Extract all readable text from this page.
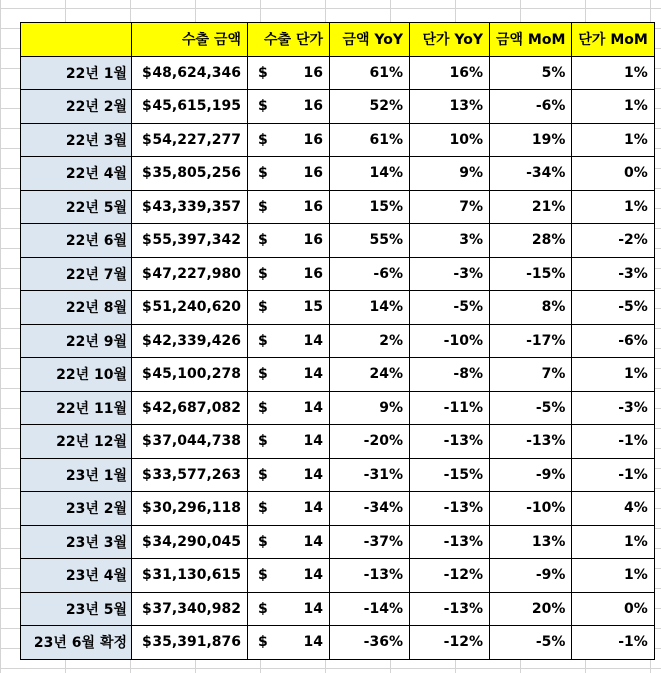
	수출 금액	수출 단가	금액 YoY	단가 YoY	금액 MoM	단가 MoM
22년 1월	$ 48,624,346	$ 16	61%	16%	5%	1%
22년 2월	$ 45,615,195	$ 16	52%	13%	-6%	1%
22년 3월	$ 54,227,277	$ 16	61%	10%	19%	1%
22년 4월	$ 35,805,256	$ 16	14%	9%	-34%	0%
22년 5월	$ 43,339,357	$ 16	15%	7%	21%	1%
22년 6월	$ 55,397,342	$ 16	55%	3%	28%	-2%
22년 7월	$ 47,227,980	$ 16	-6%	-3%	-15%	-3%
22년 8월	$ 51,240,620	$ 15	14%	-5%	8%	-5%
22년 9월	$ 42,339,426	$ 14	2%	-10%	-17%	-6%
22년 10월	$ 45,100,278	$ 14	24%	-8%	7%	1%
22년 11월	$ 42,687,082	$ 14	9%	-11%	-5%	-3%
22년 12월	$ 37,044,738	$ 14	-20%	-13%	-13%	-1%
23년 1월	$ 33,577,263	$ 14	-31%	-15%	-9%	-1%
23년 2월	$ 30,296,118	$ 14	-34%	-13%	-10%	4%
23년 3월	$ 34,290,045	$ 14	-37%	-13%	13%	1%
23년 4월	$ 31,130,615	$ 14	-13%	-12%	-9%	1%
23년 5월	$ 37,340,982	$ 14	-14%	-13%	20%	0%
23년 6월 확정	$ 35,391,876	$ 14	-36%	-12%	-5%	-1%
